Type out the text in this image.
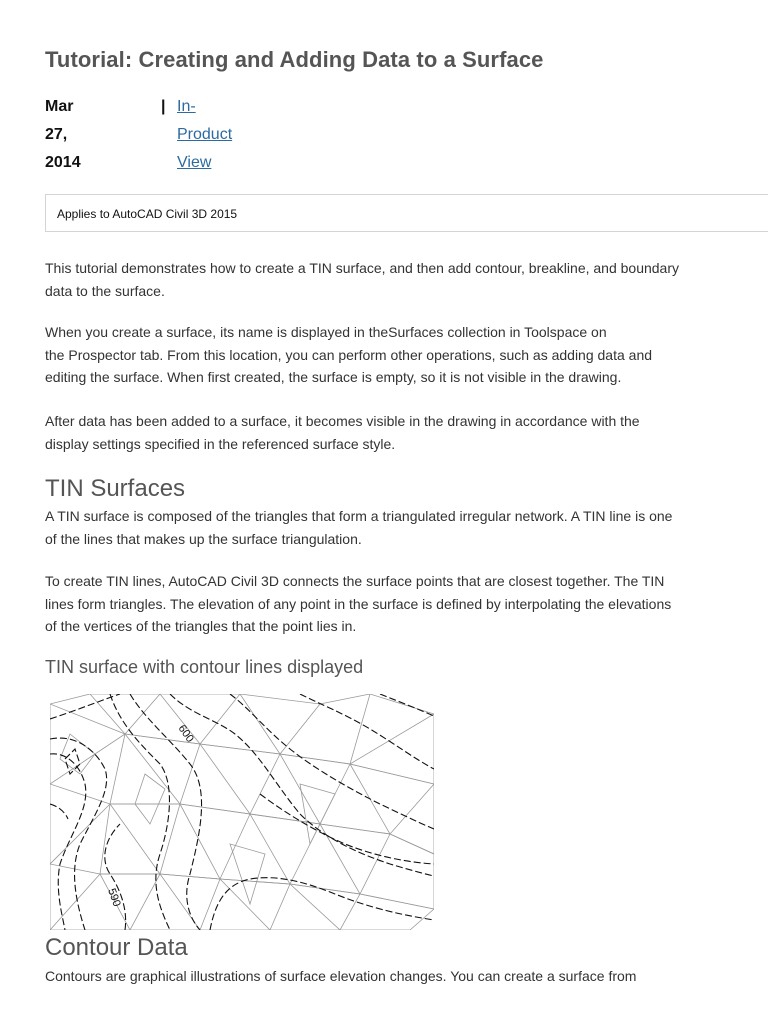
Tutorial: Creating and Adding Data to a Surface
Mar
27,
2014
| In-
Product
View
Applies to AutoCAD Civil 3D 2015

This tutorial demonstrates how to create a TIN surface, and then add contour, breakline, and boundary
data to the surface.

When you create a surface, its name is displayed in theSurfaces collection in Toolspace on
the Prospector tab. From this location, you can perform other operations, such as adding data and
editing the surface. When first created, the surface is empty, so it is not visible in the drawing.

After data has been added to a surface, it becomes visible in the drawing in accordance with the
display settings specified in the referenced surface style.

TIN Surfaces

A TIN surface is composed of the triangles that form a triangulated irregular network. A TIN line is one
of the lines that makes up the surface triangulation.

To create TIN lines, AutoCAD Civil 3D connects the surface points that are closest together. The TIN
lines form triangles. The elevation of any point in the surface is defined by interpolating the elevations
of the vertices of the triangles that the point lies in.

TIN surface with contour lines displayed
600
590
Contour Data

Contours are graphical illustrations of surface elevation changes. You can create a surface from
